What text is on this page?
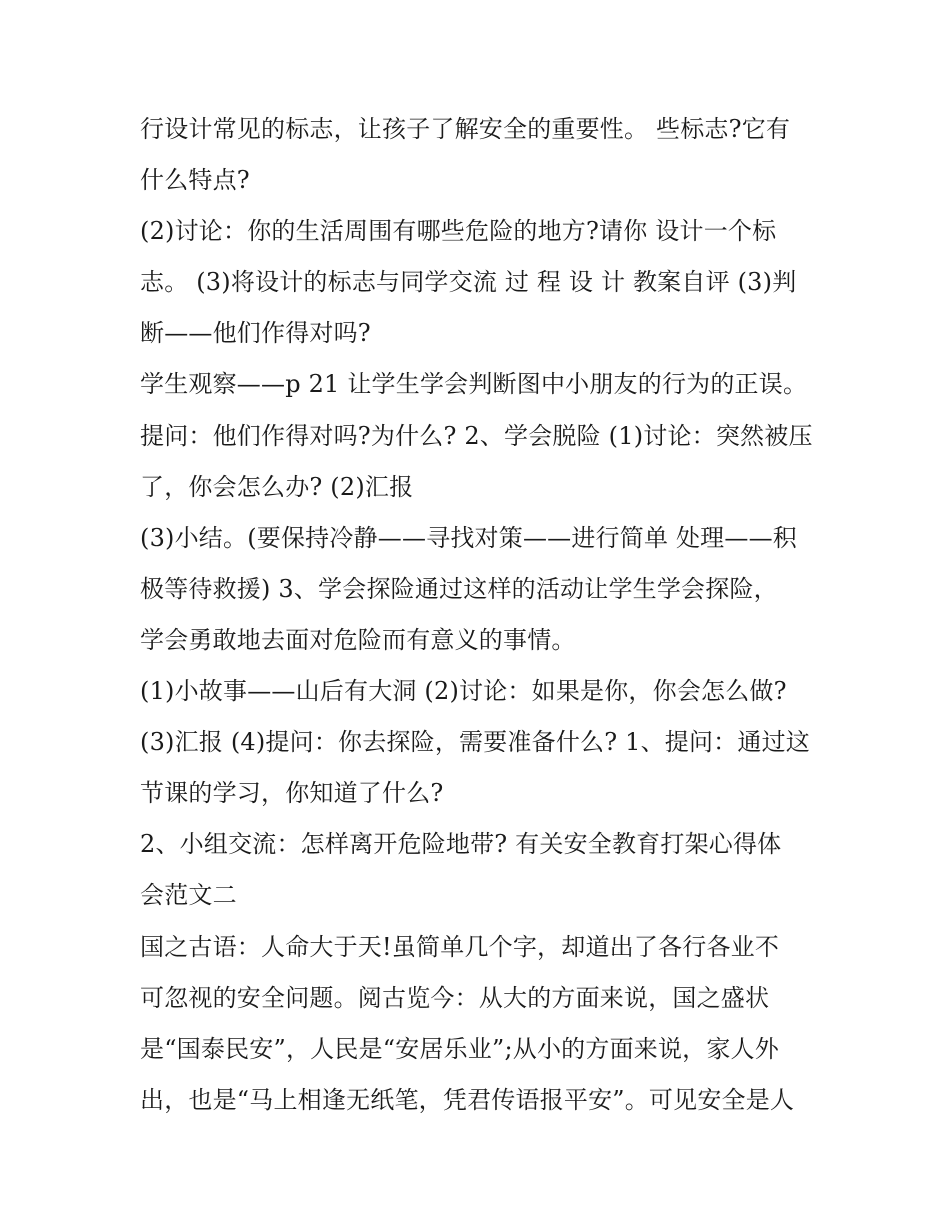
行设计常见的标志，让孩子了解安全的重要性。 些标志?它有
什么特点?
(2)讨论：你的生活周围有哪些危险的地方?请你 设计一个标
志。 (3)将设计的标志与同学交流 过 程 设 计 教案自评 (3)判
断——他们作得对吗?
学生观察——p 21 让学生学会判断图中小朋友的行为的正误。
提问：他们作得对吗?为什么? 2、学会脱险 (1)讨论：突然被压
了，你会怎么办? (2)汇报
(3)小结。(要保持冷静——寻找对策——进行简单 处理——积
极等待救援) 3、学会探险通过这样的活动让学生学会探险，
学会勇敢地去面对危险而有意义的事情。
(1)小故事——山后有大洞 (2)讨论：如果是你，你会怎么做?
(3)汇报 (4)提问：你去探险，需要准备什么? 1、提问：通过这
节课的学习，你知道了什么?
2、小组交流：怎样离开危险地带? 有关安全教育打架心得体
会范文二
国之古语：人命大于天!虽简单几个字，却道出了各行各业不
可忽视的安全问题。阅古览今：从大的方面来说，国之盛状
是“国泰民安”，人民是“安居乐业”;从小的方面来说，家人外
出，也是“马上相逢无纸笔，凭君传语报平安”。可见安全是人
